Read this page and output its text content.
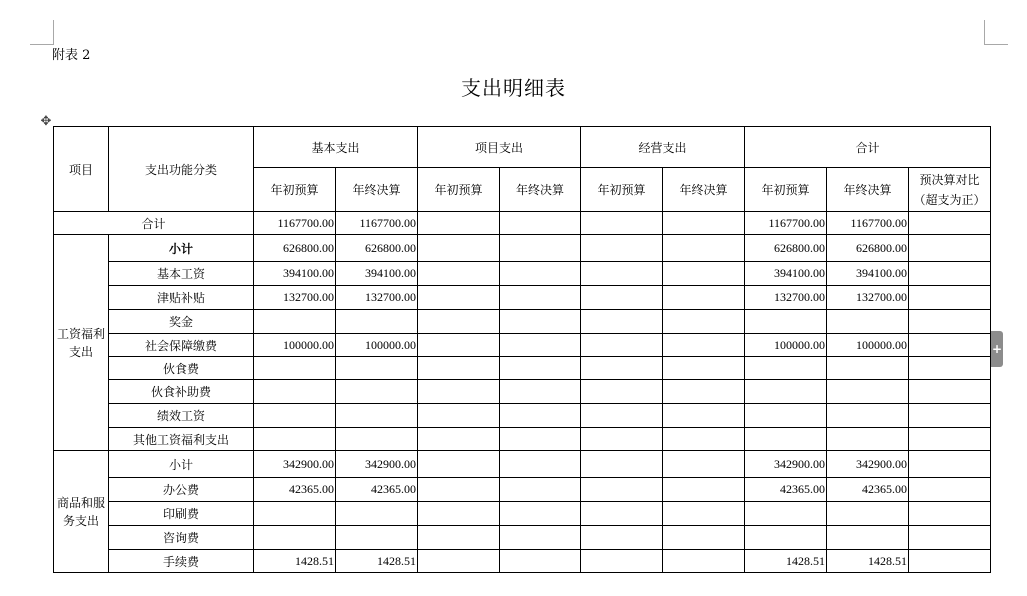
附表 2
支出明细表
✥
+
项目	支出功能分类	基本支出		项目支出		经营支出		合计		
		年初预算	年终决算	年初预算	年终决算	年初预算	年终决算	年初预算	年终决算	预决算对比（超支为正）
合计		1167700.00	1167700.00					1167700.00	1167700.00	
工资福利支出	小计	626800.00	626800.00					626800.00	626800.00	
	基本工资	394100.00	394100.00					394100.00	394100.00	
	津贴补贴	132700.00	132700.00					132700.00	132700.00	
	奖金									
	社会保障缴费	100000.00	100000.00					100000.00	100000.00	
	伙食费									
	伙食补助费									
	绩效工资									
	其他工资福利支出									
商品和服务支出	小计	342900.00	342900.00					342900.00	342900.00	
	办公费	42365.00	42365.00					42365.00	42365.00	
	印刷费									
	咨询费									
	手续费	1428.51	1428.51					1428.51	1428.51	
